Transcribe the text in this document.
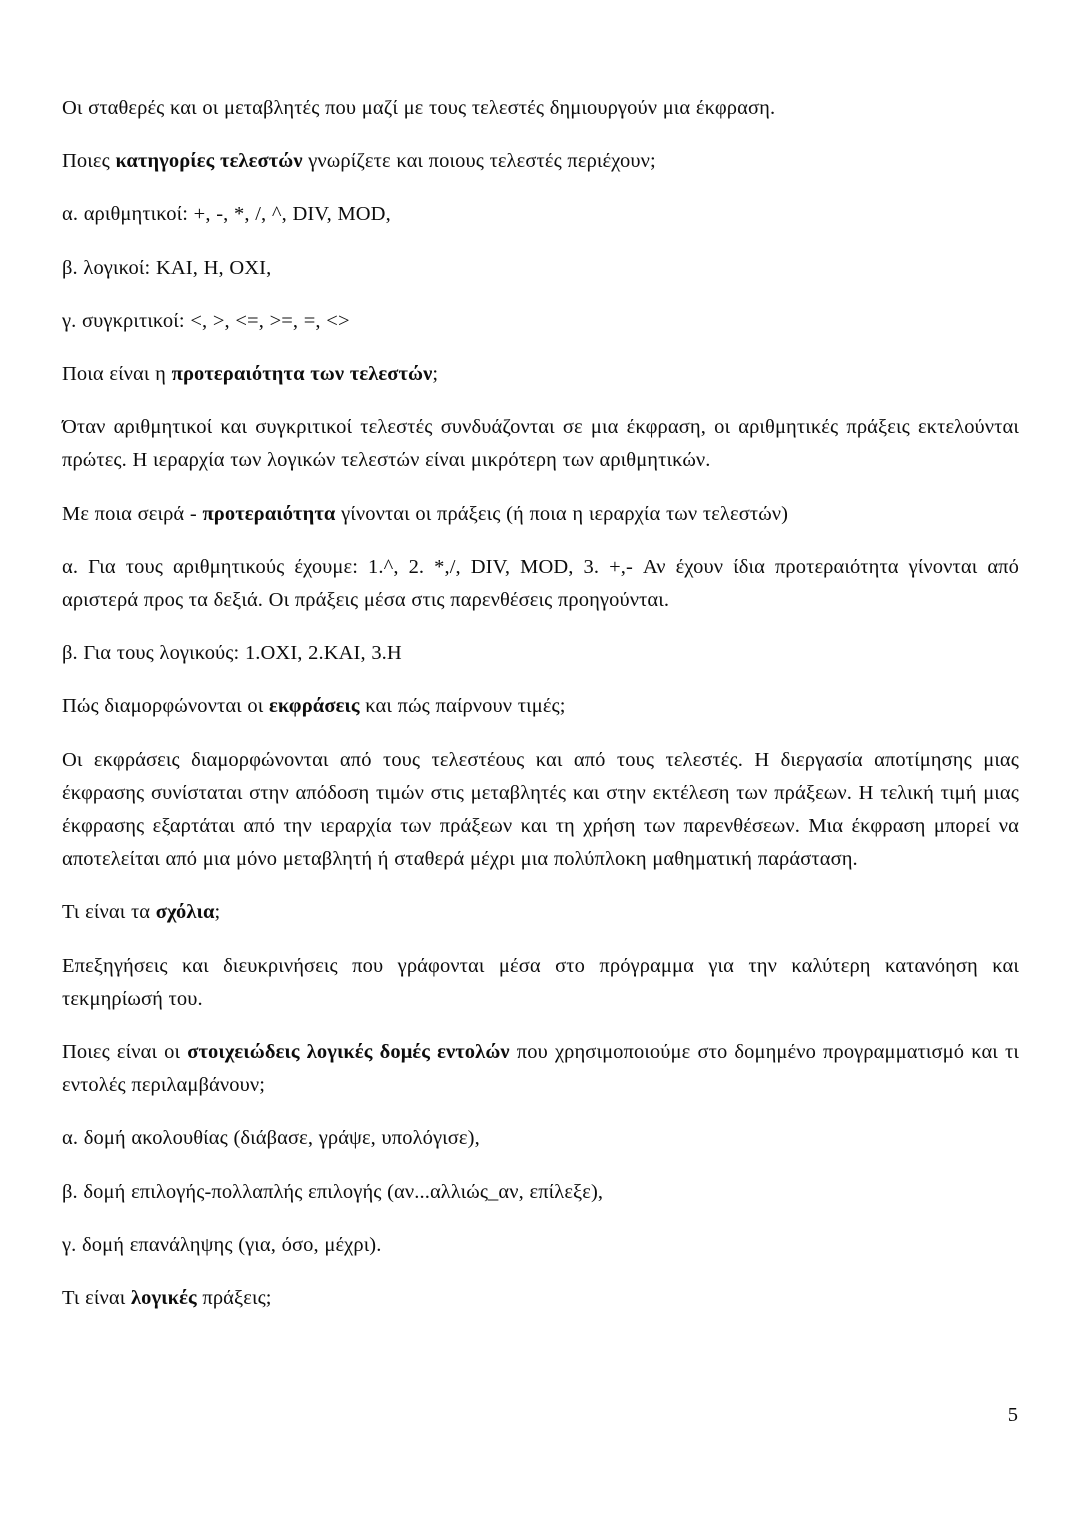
Οι σταθερές και οι μεταβλητές που μαζί με τους τελεστές δημιουργούν μια έκφραση.

Ποιες κατηγορίες τελεστών γνωρίζετε και ποιους τελεστές περιέχουν;

α. αριθμητικοί: +, -, *, /, ^, DIV, MOD,

β. λογικοί: ΚΑΙ, Η, ΟΧΙ,

γ. συγκριτικοί: <, >, <=, >=, =, <>

Ποια είναι η προτεραιότητα των τελεστών;

Όταν αριθμητικοί και συγκριτικοί τελεστές συνδυάζονται σε μια έκφραση, οι αριθμητικές πράξεις εκτελούνται πρώτες. Η ιεραρχία των λογικών τελεστών είναι μικρότερη των αριθμητικών.

Με ποια σειρά - προτεραιότητα γίνονται οι πράξεις (ή ποια η ιεραρχία των τελεστών)

α. Για τους αριθμητικούς έχουμε: 1.^, 2. *,/, DIV, MOD, 3. +,- Αν έχουν ίδια προτεραιότητα γίνονται από αριστερά προς τα δεξιά. Οι πράξεις μέσα στις παρενθέσεις προηγούνται.

β. Για τους λογικούς: 1.ΟΧΙ, 2.ΚΑΙ, 3.Η

Πώς διαμορφώνονται οι εκφράσεις και πώς παίρνουν τιμές;

Οι εκφράσεις διαμορφώνονται από τους τελεστέους και από τους τελεστές. Η διεργασία αποτίμησης μιας έκφρασης συνίσταται στην απόδοση τιμών στις μεταβλητές και στην εκτέλεση των πράξεων. Η τελική τιμή μιας έκφρασης εξαρτάται από την ιεραρχία των πράξεων και τη χρήση των παρενθέσεων. Μια έκφραση μπορεί να αποτελείται από μια μόνο μεταβλητή ή σταθερά μέχρι μια πολύπλοκη μαθηματική παράσταση.

Τι είναι τα σχόλια;

Επεξηγήσεις και διευκρινήσεις που γράφονται μέσα στο πρόγραμμα για την καλύτερη κατανόηση και τεκμηρίωσή του.

Ποιες είναι οι στοιχειώδεις λογικές δομές εντολών που χρησιμοποιούμε στο δομημένο προγραμματισμό και τι εντολές περιλαμβάνουν;

α. δομή ακολουθίας (διάβασε, γράψε, υπολόγισε),

β. δομή επιλογής-πολλαπλής επιλογής (αν...αλλιώς_αν, επίλεξε),

γ. δομή επανάληψης (για, όσο, μέχρι).

Τι είναι λογικές πράξεις;

5
